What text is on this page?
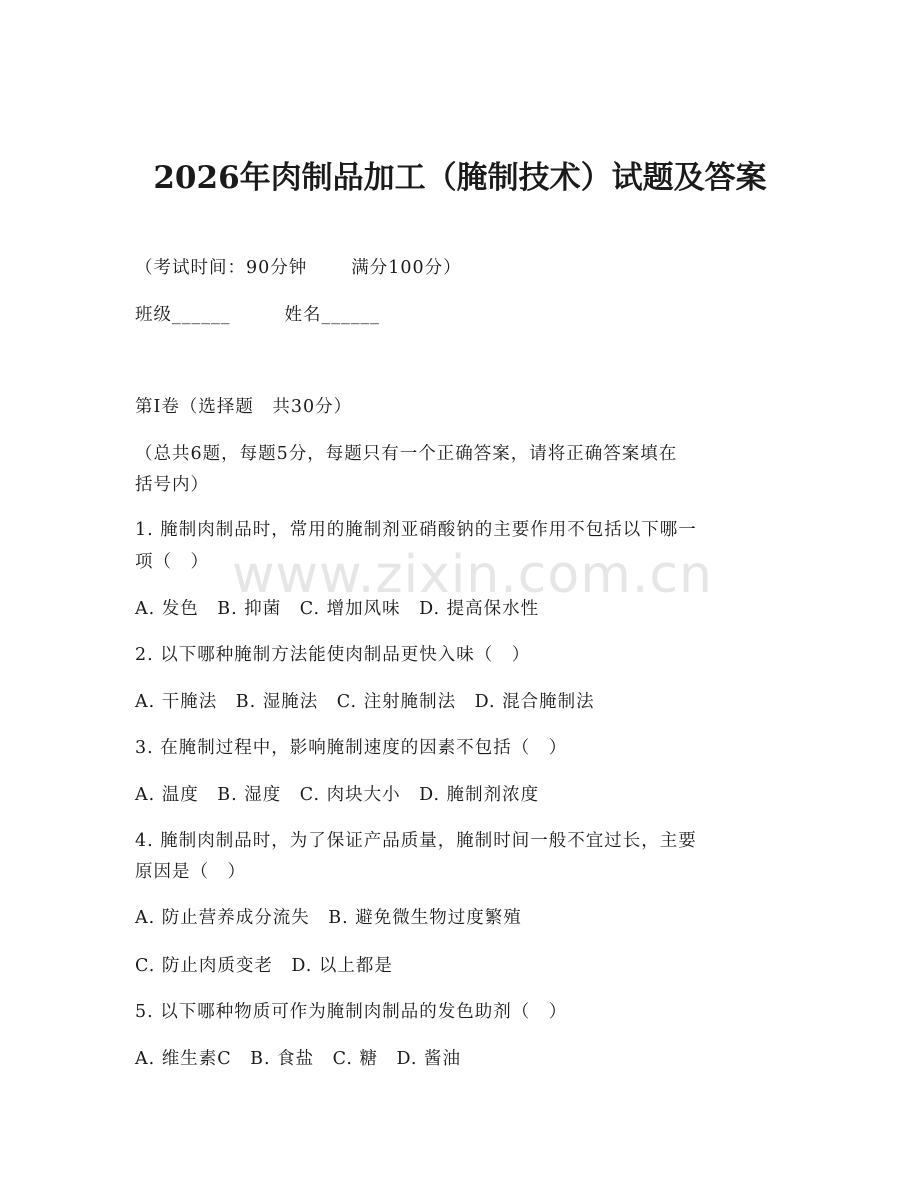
www.zixin.com.cn
2026年肉制品加工（腌制技术）试题及答案
（考试时间：90分钟	满分100分）
班级______	姓名______
第Ⅰ卷（选择题　共30分）
（总共6题，每题5分，每题只有一个正确答案，请将正确答案填在
括号内）
1. 腌制肉制品时，常用的腌制剂亚硝酸钠的主要作用不包括以下哪一
项（　）
A. 发色　B. 抑菌　C. 增加风味　D. 提高保水性
2. 以下哪种腌制方法能使肉制品更快入味（　）
A. 干腌法　B. 湿腌法　C. 注射腌制法　D. 混合腌制法
3. 在腌制过程中，影响腌制速度的因素不包括（　）
A. 温度　B. 湿度　C. 肉块大小　D. 腌制剂浓度
4. 腌制肉制品时，为了保证产品质量，腌制时间一般不宜过长，主要
原因是（　）
A. 防止营养成分流失　B. 避免微生物过度繁殖
C. 防止肉质变老　D. 以上都是
5. 以下哪种物质可作为腌制肉制品的发色助剂（　）
A. 维生素C　B. 食盐　C. 糖　D. 酱油
